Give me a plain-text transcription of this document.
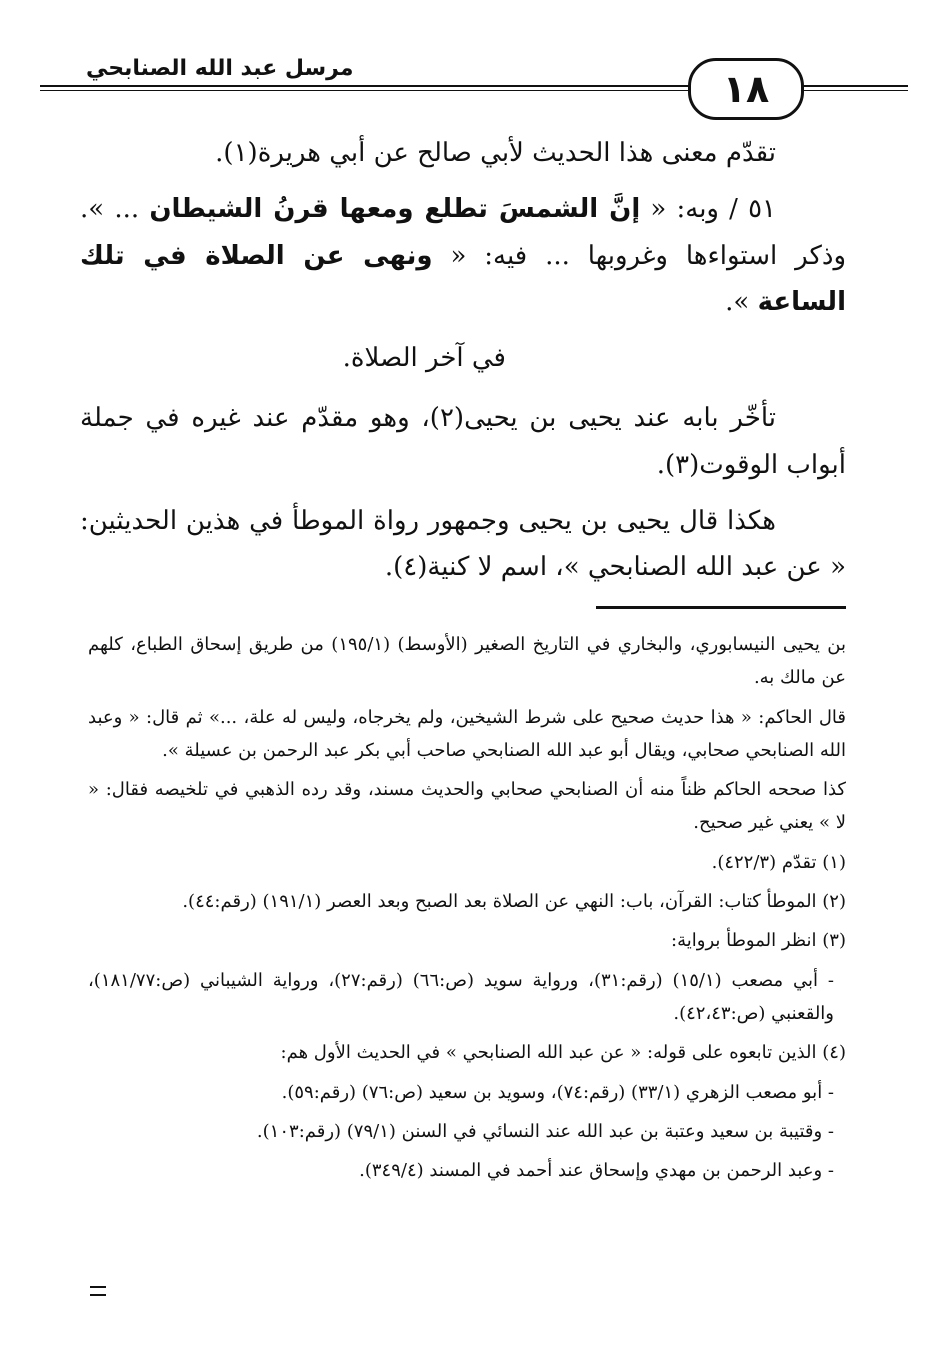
مرسل عبد الله الصنابحي	١٨

تقدّم معنى هذا الحديث لأبي صالح عن أبي هريرة(١).

٥١ / وبه: « إنَّ الشمسَ تطلع ومعها قرنُ الشيطان ... ». وذكر استواءها وغروبها ... فيه: « ونهى عن الصلاة في تلك الساعة ».

في آخر الصلاة.

تأخّر بابه عند يحيى بن يحيى(٢)، وهو مقدّم عند غيره في جملة أبواب الوقوت(٣).

هكذا قال يحيى بن يحيى وجمهور رواة الموطأ في هذين الحديثين: « عن عبد الله الصنابحي »، اسم لا كنية(٤).

بن يحيى النيسابوري، والبخاري في التاريخ الصغير (الأوسط) (١٩٥/١) من طريق إسحاق الطباع، كلهم عن مالك به.

قال الحاكم: « هذا حديث صحيح على شرط الشيخين، ولم يخرجاه، وليس له علة، ...» ثم قال: « وعبد الله الصنابحي صحابي، ويقال أبو عبد الله الصنابحي صاحب أبي بكر عبد الرحمن بن عسيلة ».

كذا صححه الحاكم ظناً منه أن الصنابحي صحابي والحديث مسند، وقد رده الذهبي في تلخيصه فقال: « لا » يعني غير صحيح.

(١) تقدّم (٤٢٢/٣).

(٢) الموطأ كتاب: القرآن، باب: النهي عن الصلاة بعد الصبح وبعد العصر (١٩١/١) (رقم:٤٤).

(٣) انظر الموطأ برواية:

- أبي مصعب (١٥/١) (رقم:٣١)، ورواية سويد (ص:٦٦) (رقم:٢٧)، ورواية الشيباني (ص:١٨١/٧٧)، والقعنبي (ص:٤٢،٤٣).

(٤) الذين تابعوه على قوله: « عن عبد الله الصنابحي » في الحديث الأول هم:

- أبو مصعب الزهري (٣٣/١) (رقم:٧٤)، وسويد بن سعيد (ص:٧٦) (رقم:٥٩).

- وقتيبة بن سعيد وعتبة بن عبد الله عند النسائي في السنن (٧٩/١) (رقم:١٠٣).

- وعبد الرحمن بن مهدي وإسحاق عند أحمد في المسند (٣٤٩/٤).
